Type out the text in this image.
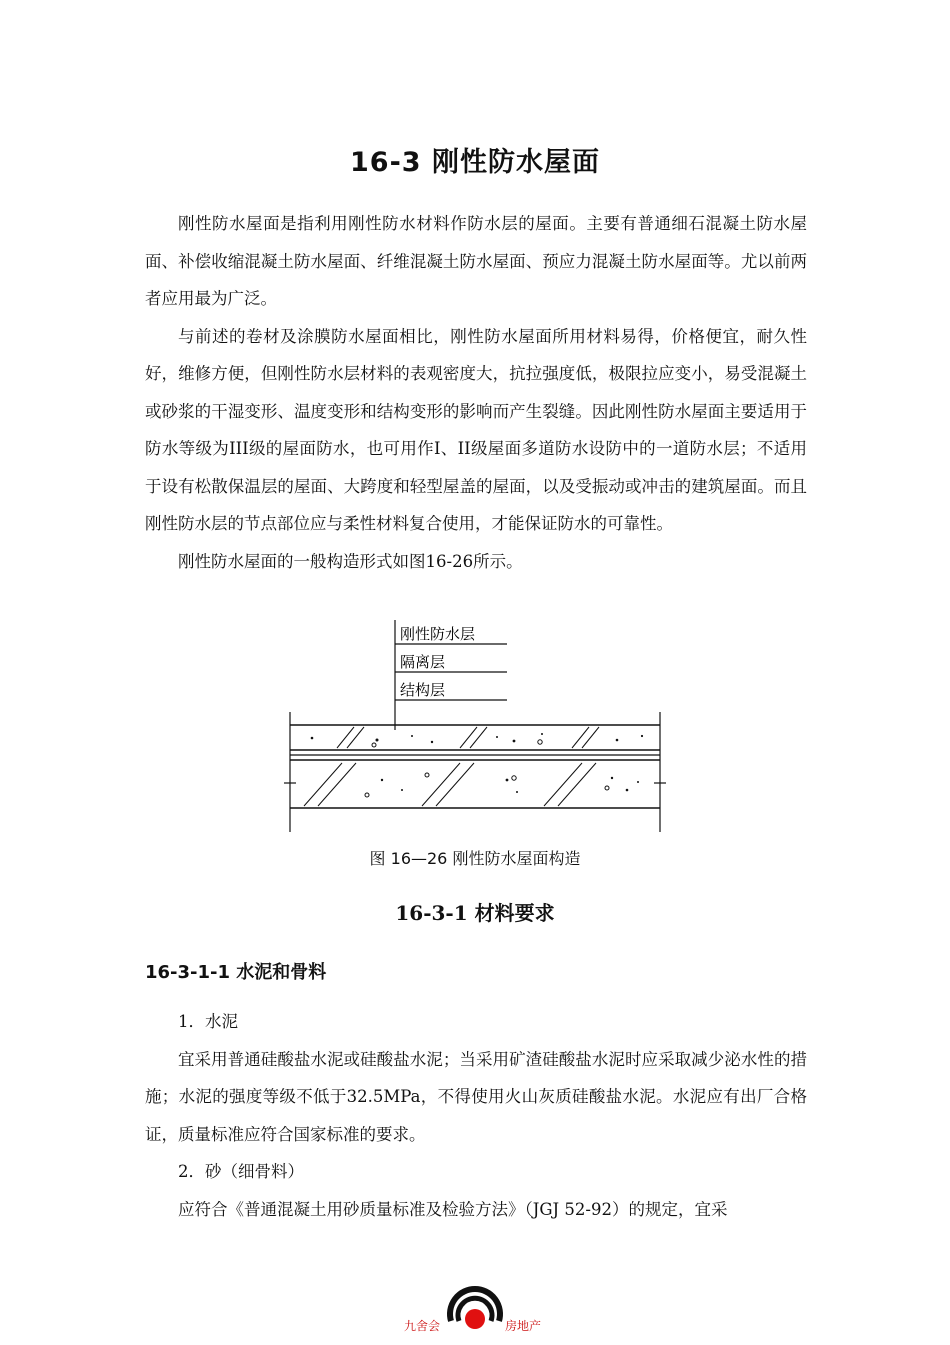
16-3 刚性防水屋面

刚性防水屋面是指利用刚性防水材料作防水层的屋面。主要有普通细石混凝土防水屋面、补偿收缩混凝土防水屋面、纤维混凝土防水屋面、预应力混凝土防水屋面等。尤以前两者应用最为广泛。

与前述的卷材及涂膜防水屋面相比，刚性防水屋面所用材料易得，价格便宜，耐久性好，维修方便，但刚性防水层材料的表观密度大，抗拉强度低，极限拉应变小，易受混凝土或砂浆的干湿变形、温度变形和结构变形的影响而产生裂缝。因此刚性防水屋面主要适用于防水等级为III级的屋面防水，也可用作I、II级屋面多道防水设防中的一道防水层；不适用于设有松散保温层的屋面、大跨度和轻型屋盖的屋面，以及受振动或冲击的建筑屋面。而且刚性防水层的节点部位应与柔性材料复合使用，才能保证防水的可靠性。

刚性防水屋面的一般构造形式如图16-26所示。

刚性防水层
隔离层
结构层
图 16—26 刚性防水屋面构造
16-3-1 材料要求
16-3-1-1 水泥和骨料

1．水泥

宜采用普通硅酸盐水泥或硅酸盐水泥；当采用矿渣硅酸盐水泥时应采取减少泌水性的措施；水泥的强度等级不低于32.5MPa，不得使用火山灰质硅酸盐水泥。水泥应有出厂合格证，质量标准应符合国家标准的要求。

2．砂（细骨料）

应符合《普通混凝土用砂质量标准及检验方法》（JGJ 52-92）的规定，宜采

九舍会	房地产
